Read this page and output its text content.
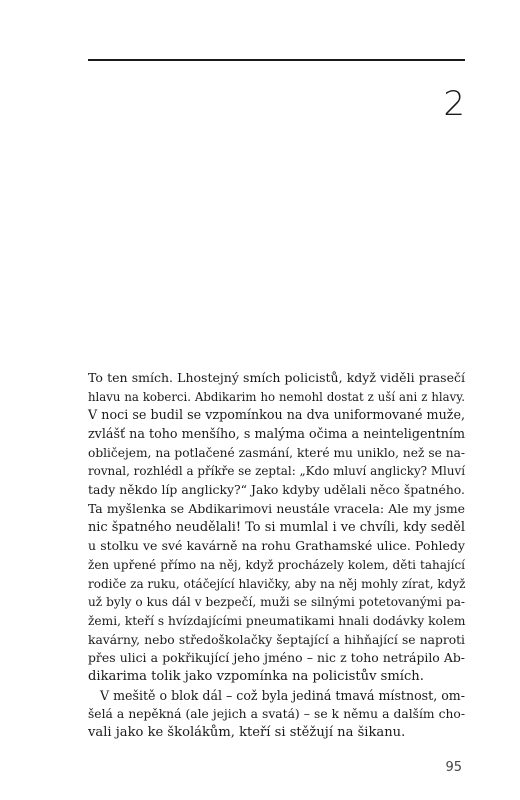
2
To ten smích. Lhostejný smích policistů, když viděli prasečí
hlavu na koberci. Abdikarim ho nemohl dostat z uší ani z hlavy.
V noci se budil se vzpomínkou na dva uniformované muže,
zvlášť na toho menšího, s malýma očima a neinteligentním
obličejem, na potlačené zasmání, které mu uniklo, než se na-
rovnal, rozhlédl a příkře se zeptal: „Kdo mluví anglicky? Mluví
tady někdo líp anglicky?“ Jako kdyby udělali něco špatného.
Ta myšlenka se Abdikarimovi neustále vracela: Ale my jsme
nic špatného neudělali! To si mumlal i ve chvíli, kdy seděl
u stolku ve své kavárně na rohu Grathamské ulice. Pohledy
žen upřené přímo na něj, když procházely kolem, děti tahající
rodiče za ruku, otáčející hlavičky, aby na něj mohly zírat, když
už byly o kus dál v bezpečí, muži se silnými potetovanými pa-
žemi, kteří s hvízdajícími pneumatikami hnali dodávky kolem
kavárny, nebo středoškolačky šeptající a hihňající se naproti
přes ulici a pokřikující jeho jméno – nic z toho netrápilo Ab-
dikarima tolik jako vzpomínka na policistův smích.
V mešitě o blok dál – což byla jediná tmavá místnost, om-
šelá a nepěkná (ale jejich a svatá) – se k němu a dalším cho-
vali jako ke školákům, kteří si stěžují na šikanu.
95
